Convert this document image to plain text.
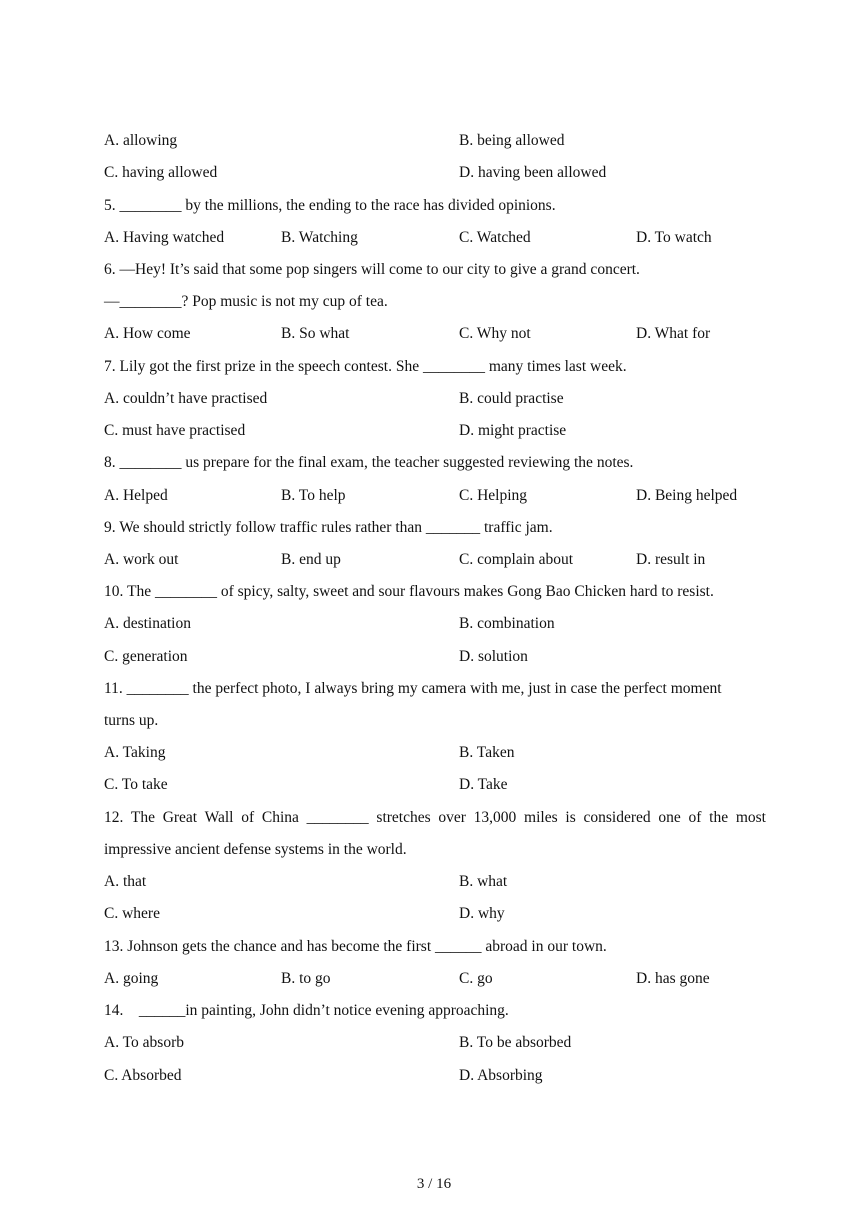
A. allowing	B. being allowed
C. having allowed	D. having been allowed
5. ________ by the millions, the ending to the race has divided opinions.
A. Having watched	B. Watching	C. Watched	D. To watch
6. —Hey! It’s said that some pop singers will come to our city to give a grand concert.
—________? Pop music is not my cup of tea.
A. How come	B. So what	C. Why not	D. What for
7. Lily got the first prize in the speech contest. She ________ many times last week.
A. couldn’t have practised	B. could practise
C. must have practised	D. might practise
8. ________ us prepare for the final exam, the teacher suggested reviewing the notes.
A. Helped	B. To help	C. Helping	D. Being helped
9. We should strictly follow traffic rules rather than _______ traffic jam.
A. work out	B. end up	C. complain about	D. result in
10. The ________ of spicy, salty, sweet and sour flavours makes Gong Bao Chicken hard to resist.
A. destination	B. combination
C. generation	D. solution
11. ________ the perfect photo, I always bring my camera with me, just in case the perfect moment
turns up.
A. Taking	B. Taken
C. To take	D. Take
12. The Great Wall of China ________ stretches over 13,000 miles is considered one of the most
impressive ancient defense systems in the world.
A. that	B. what
C. where	D. why
13. Johnson gets the chance and has become the first ______ abroad in our town.
A. going	B. to go	C. go	D. has gone
14.    ______in painting, John didn’t notice evening approaching.
A. To absorb	B. To be absorbed
C. Absorbed	D. Absorbing
3 / 16
